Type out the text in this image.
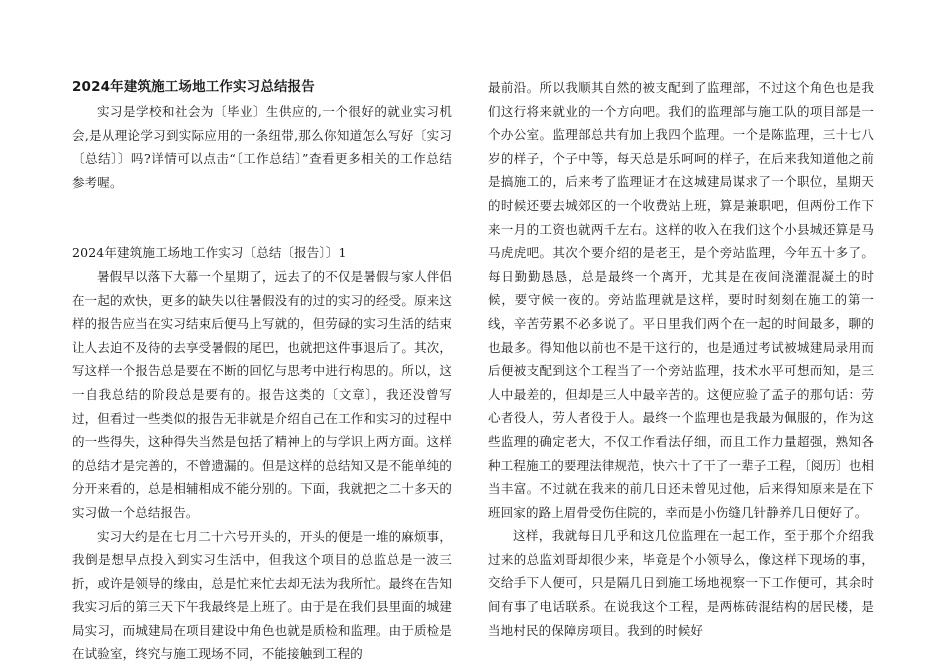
2024年建筑施工场地工作实习总结报告

实习是学校和社会为〔毕业〕生供应的,一个很好的就业实习机会,是从理论学习到实际应用的一条纽带,那么你知道怎么写好〔实习〔总结〕〕吗?详情可以点击“〔工作总结〕”查看更多相关的工作总结参考喔。

2024年建筑施工场地工作实习〔总结〔报告〕〕1

暑假早以落下大幕一个星期了，远去了的不仅是暑假与家人伴侣在一起的欢快，更多的缺失以往暑假没有的过的实习的经受。原来这样的报告应当在实习结束后便马上写就的，但劳碌的实习生活的结束让人去迫不及待的去享受暑假的尾巴，也就把这件事退后了。其次，写这样一个报告总是要在不断的回忆与思考中进行构思的。所以，这一自我总结的阶段总是要有的。报告这类的〔文章〕，我还没曾写过，但看过一些类似的报告无非就是介绍自己在工作和实习的过程中的一些得失，这种得失当然是包括了精神上的与学识上两方面。这样的总结才是完善的，不曾遗漏的。但是这样的总结知又是不能单纯的分开来看的，总是相辅相成不能分别的。下面，我就把之二十多天的实习做一个总结报告。

实习大约是在七月二十六号开头的，开头的便是一堆的麻烦事，我倒是想早点投入到实习生活中，但我这个项目的总监总是一波三折，或许是领导的缘由，总是忙来忙去却无法为我所忙。最终在告知我实习后的第三天下午我最终是上班了。由于是在我们县里面的城建局实习，而城建局在项目建设中角色也就是质检和监理。由于质检是在试验室，终究与施工现场不同，不能接触到工程的

最前沿。所以我顺其自然的被支配到了监理部，不过这个角色也是我们这行将来就业的一个方向吧。我们的监理部与施工队的项目部是一个办公室。监理部总共有加上我四个监理。一个是陈监理，三十七八岁的样子，个子中等，每天总是乐呵呵的样子，在后来我知道他之前是搞施工的，后来考了监理证才在这城建局谋求了一个职位，星期天的时候还要去城郊区的一个收费站上班，算是兼职吧，但两份工作下来一月的工资也就两千左右。这样的收入在我们这个小县城还算是马马虎虎吧。其次个要介绍的是老王，是个旁站监理，今年五十多了。每日勤勤恳恳，总是最终一个离开，尤其是在夜间浇灌混凝土的时候，要守候一夜的。旁站监理就是这样，要时时刻刻在施工的第一线，辛苦劳累不必多说了。平日里我们两个在一起的时间最多，聊的也最多。得知他以前也不是干这行的，也是通过考试被城建局录用而后便被支配到这个工程当了一个旁站监理，技术水平可想而知，是三人中最差的，但却是三人中最辛苦的。这便应验了孟子的那句话：劳心者役人，劳人者役于人。最终一个监理也是我最为佩服的，作为这些监理的确定老大，不仅工作看法仔细，而且工作力量超强，熟知各种工程施工的要理法律规范，快六十了干了一辈子工程，〔阅历〕也相当丰富。不过就在我来的前几日还未曾见过他，后来得知原来是在下班回家的路上眉骨受伤住院的，幸而是小伤缝几针静养几日便好了。

这样，我就每日几乎和这几位监理在一起工作，至于那个介绍我过来的总监刘哥却很少来，毕竟是个小领导么，像这样下现场的事，交给手下人便可，只是隔几日到施工场地视察一下工作便可，其余时间有事了电话联系。在说我这个工程，是两栋砖混结构的居民楼，是当地村民的保障房项目。我到的时候好
